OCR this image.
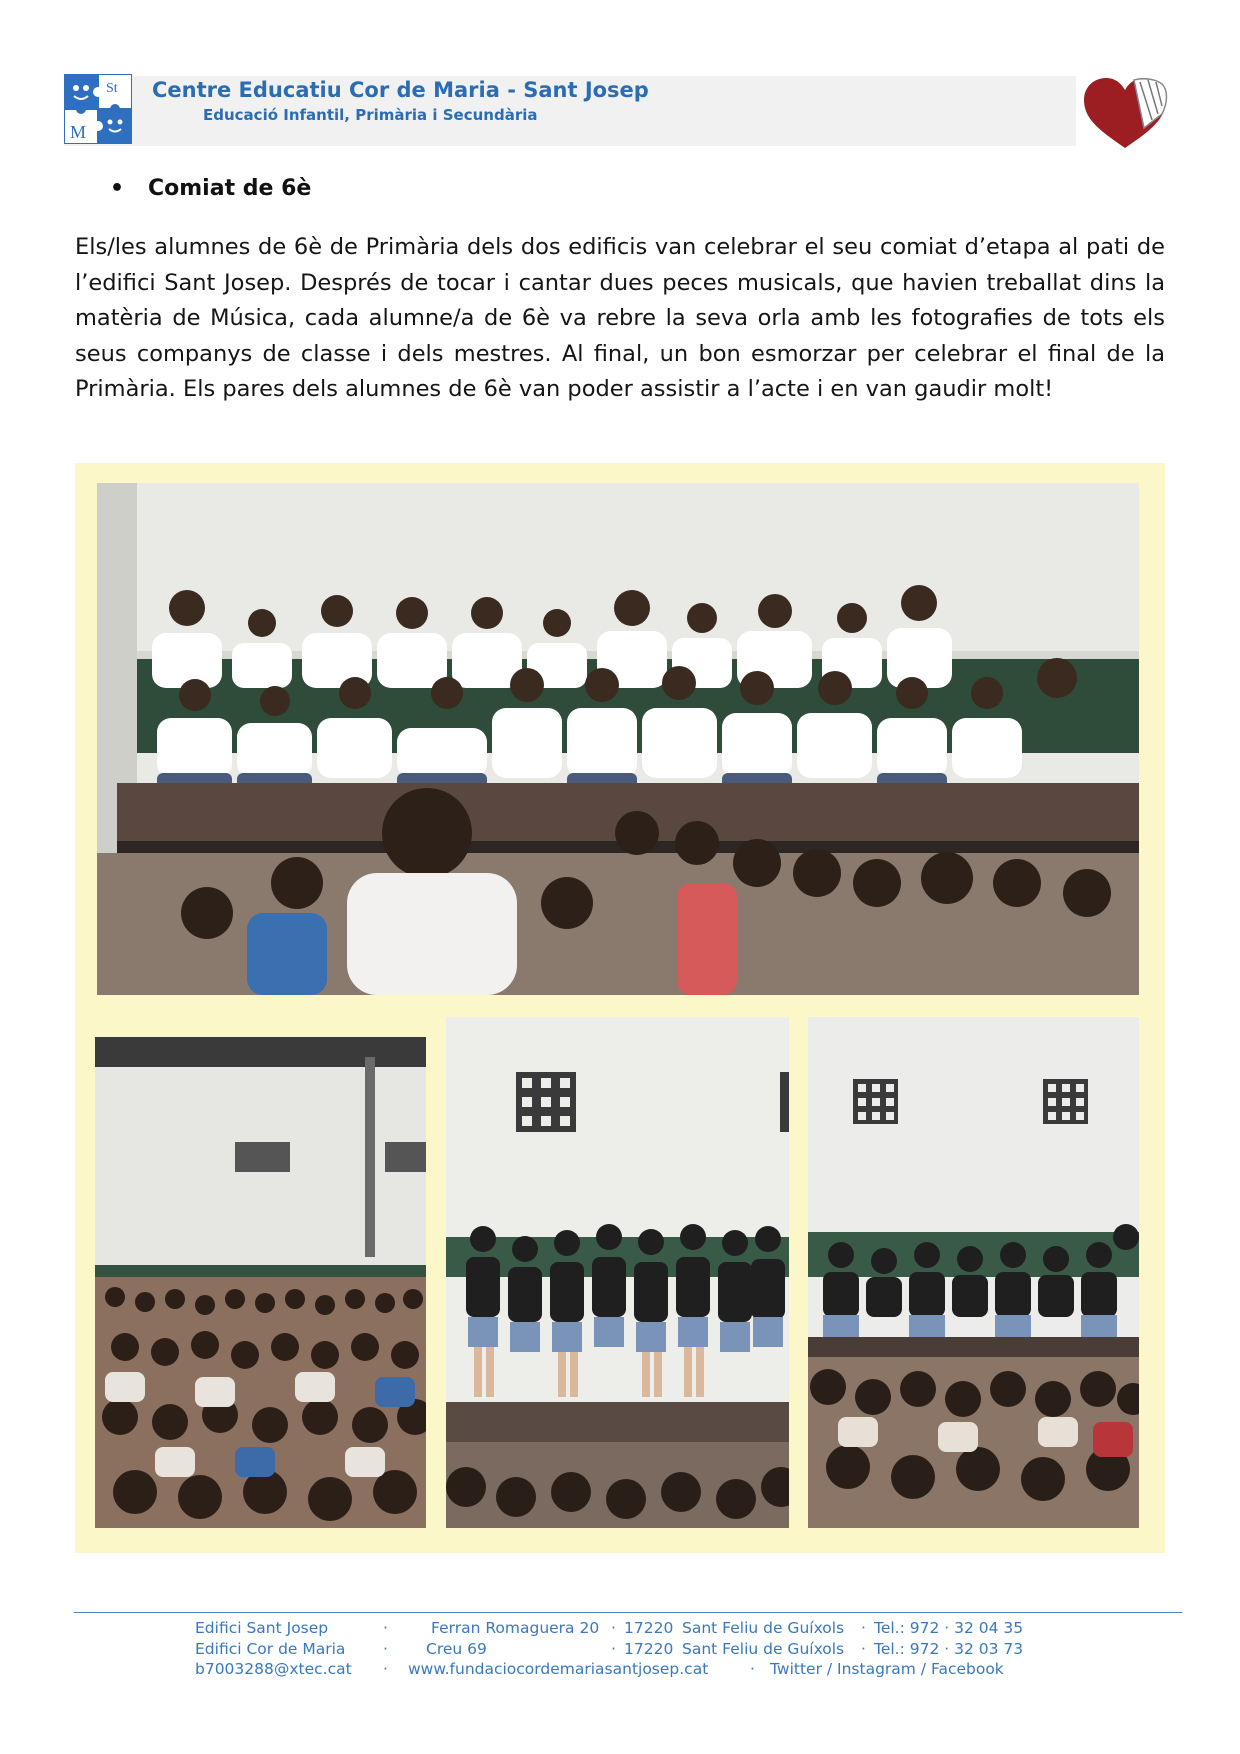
St
M
Centre Educatiu Cor de Maria - Sant Josep
Educació Infantil, Primària i Secundària
• Comiat de 6è

Els/les alumnes de 6è de Primària dels dos edificis van celebrar el seu comiat d’etapa al pati de l’edifici Sant Josep. Després de tocar i cantar dues peces musicals, que havien treballat dins la matèria de Música, cada alumne/a de 6è va rebre la seva orla amb les fotografies de tots els seus companys de classe i dels mestres. Al final, un bon esmorzar per celebrar el final de la Primària. Els pares dels alumnes de 6è van poder assistir a l’acte i en van gaudir molt!

Edifici Sant Josep	·	Ferran Romaguera 20 · 17220 Sant Feliu de Guíxols · Tel.: 972 · 32 04 35
Edifici Cor de Maria · Creu 69	· 17220 Sant Feliu de Guíxols · Tel.: 972 · 32 03 73
b7003288@xtec.cat · www.fundaciocordemariasantjosep.cat	· Twitter / Instagram / Facebook
